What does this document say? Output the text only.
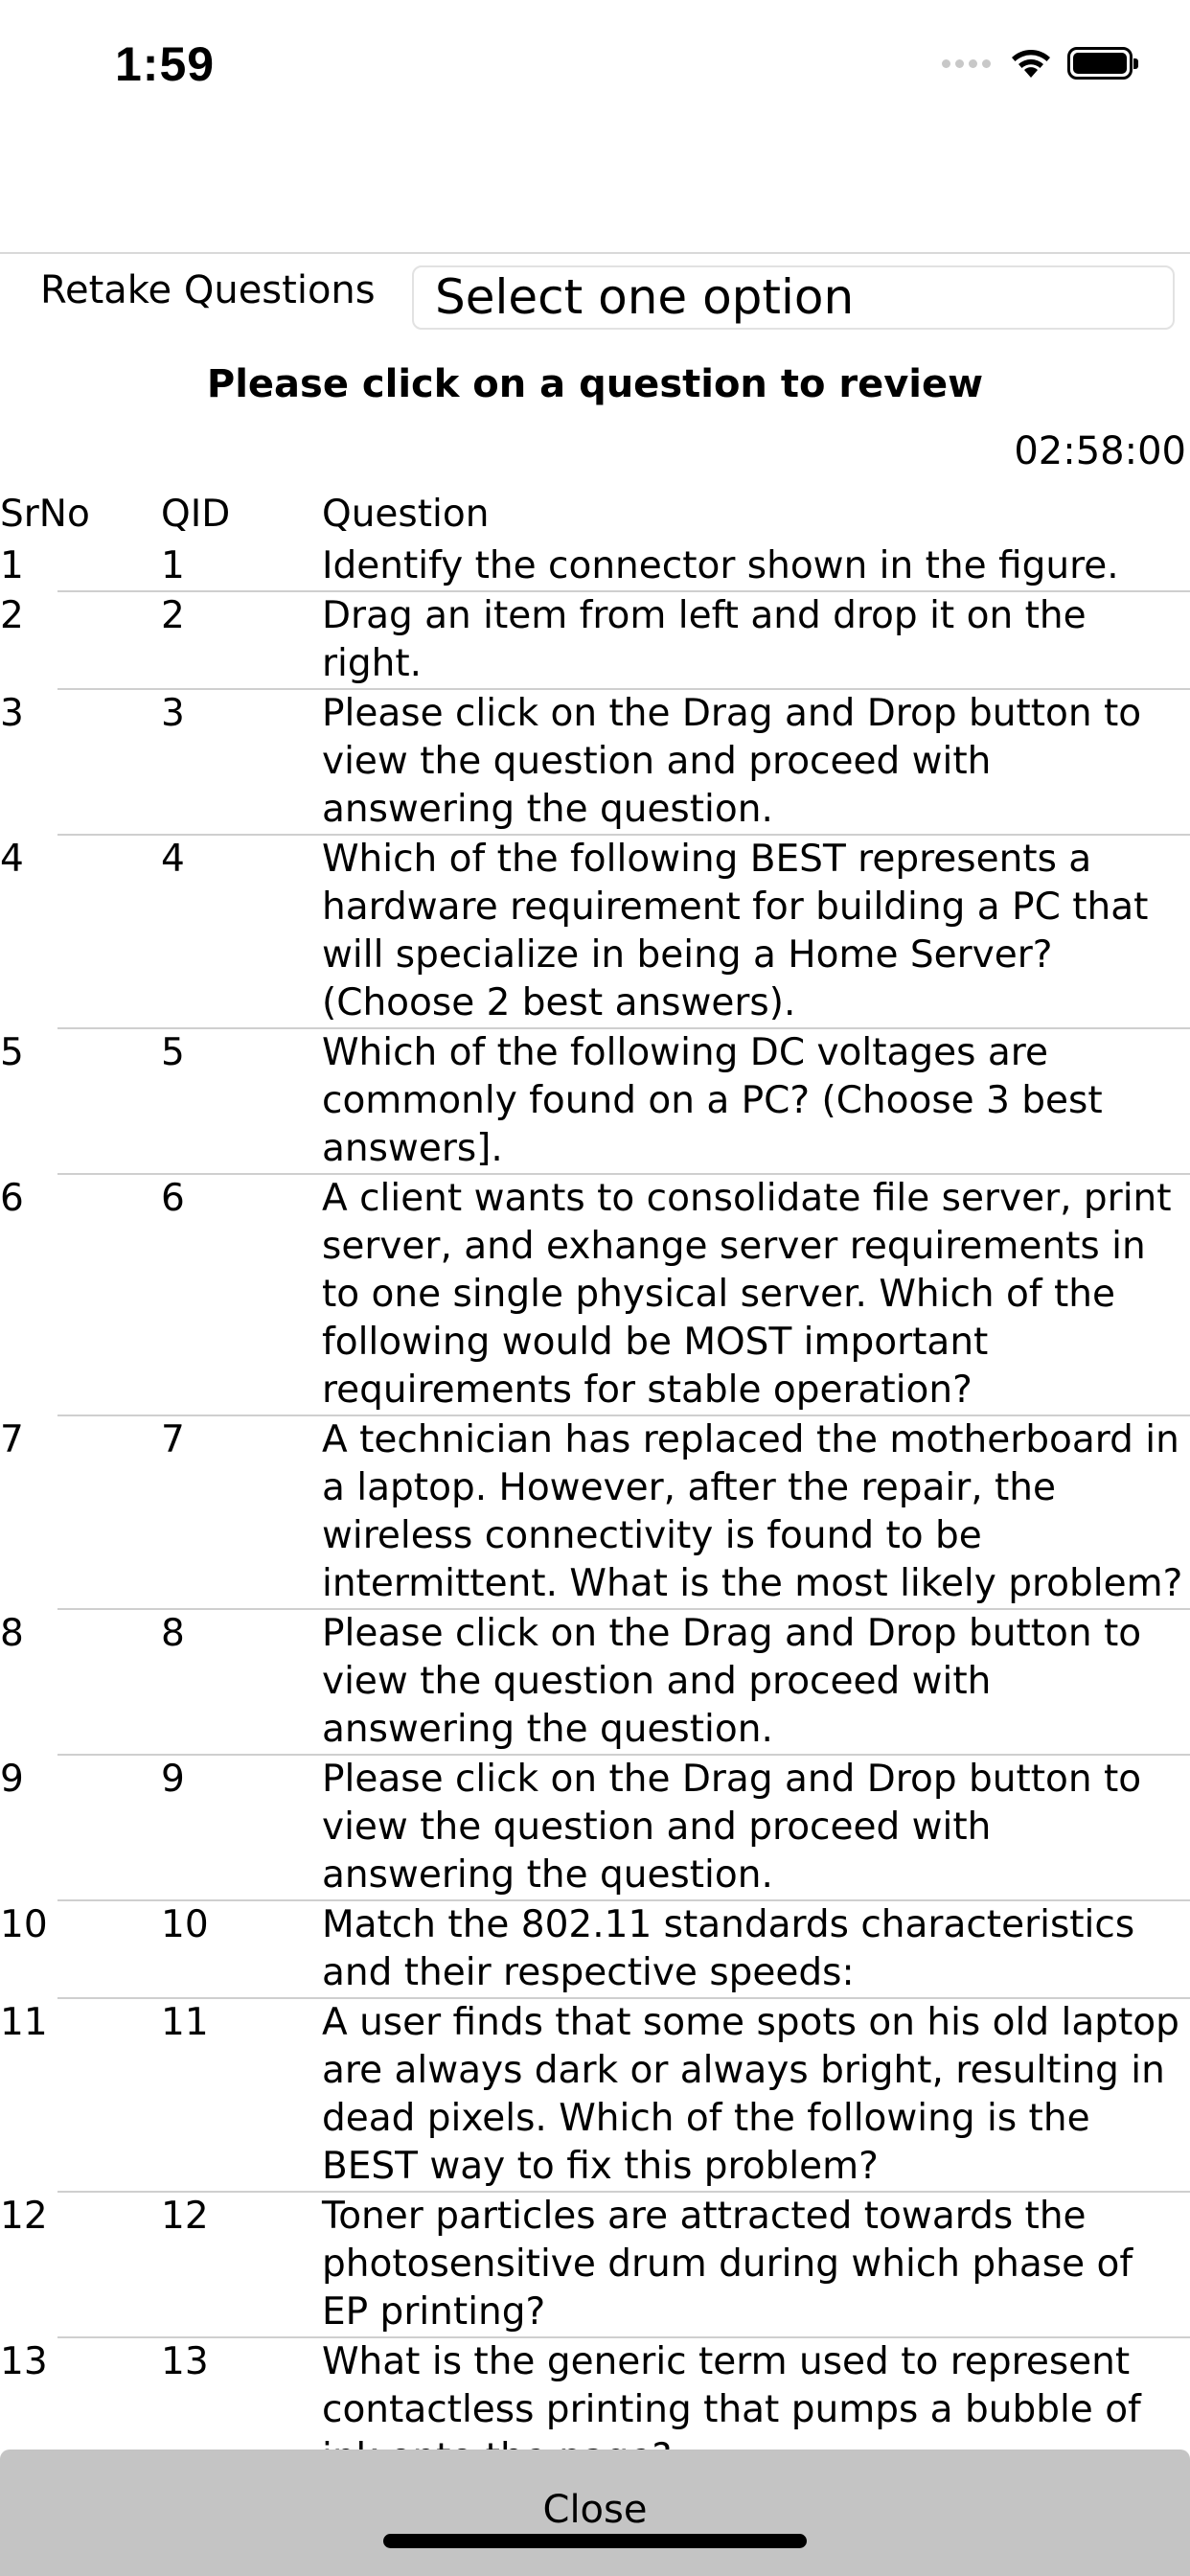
1:59
Retake Questions	Select one option
Please click on a question to review
02:58:00
SrNo	QID	Question
1	1	Identify the connector shown in the figure.
2	2	Drag an item from left and drop it on the right.
3	3	Please click on the Drag and Drop button to view the question and proceed with answering the question.
4	4	Which of the following BEST represents a hardware requirement for building a PC that will specialize in being a Home Server? (Choose 2 best answers).
5	5	Which of the following DC voltages are commonly found on a PC? (Choose 3 best answers].
6	6	A client wants to consolidate file server, print server, and exhange server requirements in to one single physical server. Which of the following would be MOST important requirements for stable operation?
7	7	A technician has replaced the motherboard in a laptop. However, after the repair, the wireless connectivity is found to be intermittent. What is the most likely problem?
8	8	Please click on the Drag and Drop button to view the question and proceed with answering the question.
9	9	Please click on the Drag and Drop button to view the question and proceed with answering the question.
10	10	Match the 802.11 standards characteristics and their respective speeds:
11	11	A user finds that some spots on his old laptop are always dark or always bright, resulting in dead pixels. Which of the following is the BEST way to fix this problem?
12	12	Toner particles are attracted towards the photosensitive drum during which phase of EP printing?
13	13	What is the generic term used to represent contactless printing that pumps a bubble of
Close
